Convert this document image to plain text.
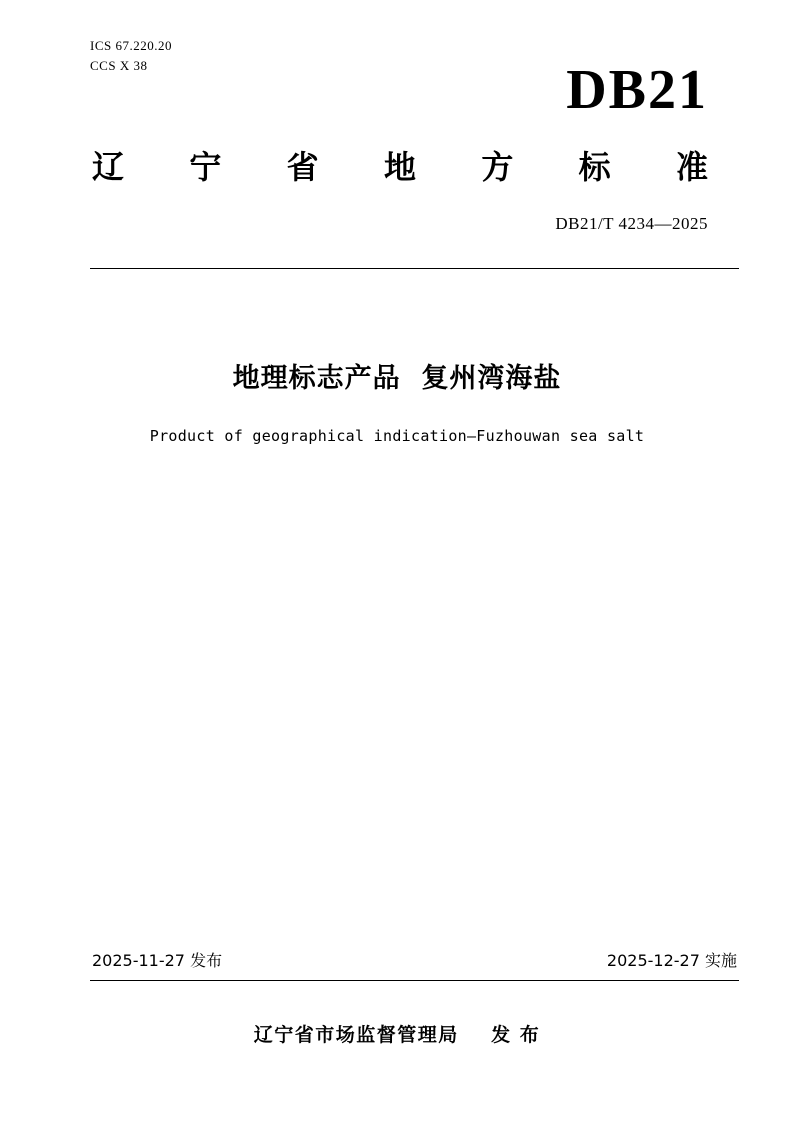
ICS 67.220.20
CCS X 38	DB21
辽 宁 省 地 方 标 准
DB21/T 4234—2025
地理标志产品  复州湾海盐
Product of geographical indication—Fuzhouwan sea salt
2025-11-27 发布	2025-12-27 实施
辽宁省市场监督管理局    发 布
